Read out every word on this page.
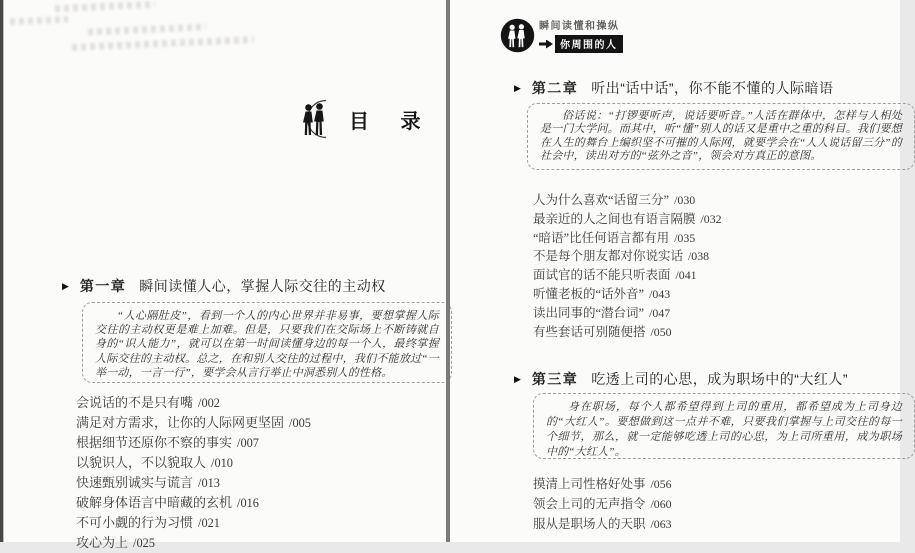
目 录
▶ 第一章 瞬间读懂人心，掌握人际交往的主动权

“人心隔肚皮”，看到一个人的内心世界并非易事，要想掌握人际交往的主动权更是难上加难。但是，只要我们在交际场上不断铸就自身的“识人能力”，就可以在第一时间读懂身边的每一个人，最终掌握人际交往的主动权。总之，在和别人交往的过程中，我们不能放过“一举一动，一言一行”，要学会从言行举止中洞悉别人的性格。

会说话的不是只有嘴 /002
满足对方需求，让你的人际网更坚固 /005
根据细节还原你不察的事实 /007
以貌识人，不以貌取人 /010
快速甄别诚实与谎言 /013
破解身体语言中暗藏的玄机 /016
不可小觑的行为习惯 /021
攻心为上 /025
瞬间读懂和操纵
你周围的人
▶ 第二章 听出“话中话”，你不能不懂的人际暗语

俗话说：“打锣要听声，说话要听音。”人活在群体中，怎样与人相处是一门大学问。而其中，听“懂”别人的话又是重中之重的科目。我们要想在人生的舞台上编织坚不可摧的人际网，就要学会在“人人说话留三分”的社会中，读出对方的“弦外之音”，领会对方真正的意图。

人为什么喜欢“话留三分” /030
最亲近的人之间也有语言隔膜 /032
“暗语”比任何语言都有用 /035
不是每个朋友都对你说实话 /038
面试官的话不能只听表面 /041
听懂老板的“话外音” /043
读出同事的“潜台词” /047
有些套话可别随便搭 /050
▶ 第三章 吃透上司的心思，成为职场中的“大红人”

身在职场，每个人都希望得到上司的重用，都希望成为上司身边的“大红人”。要想做到这一点并不难，只要我们掌握与上司交往的每一个细节，那么，就一定能够吃透上司的心思，为上司所重用，成为职场中的“大红人”。

摸清上司性格好处事 /056
领会上司的无声指令 /060
服从是职场人的天职 /063
